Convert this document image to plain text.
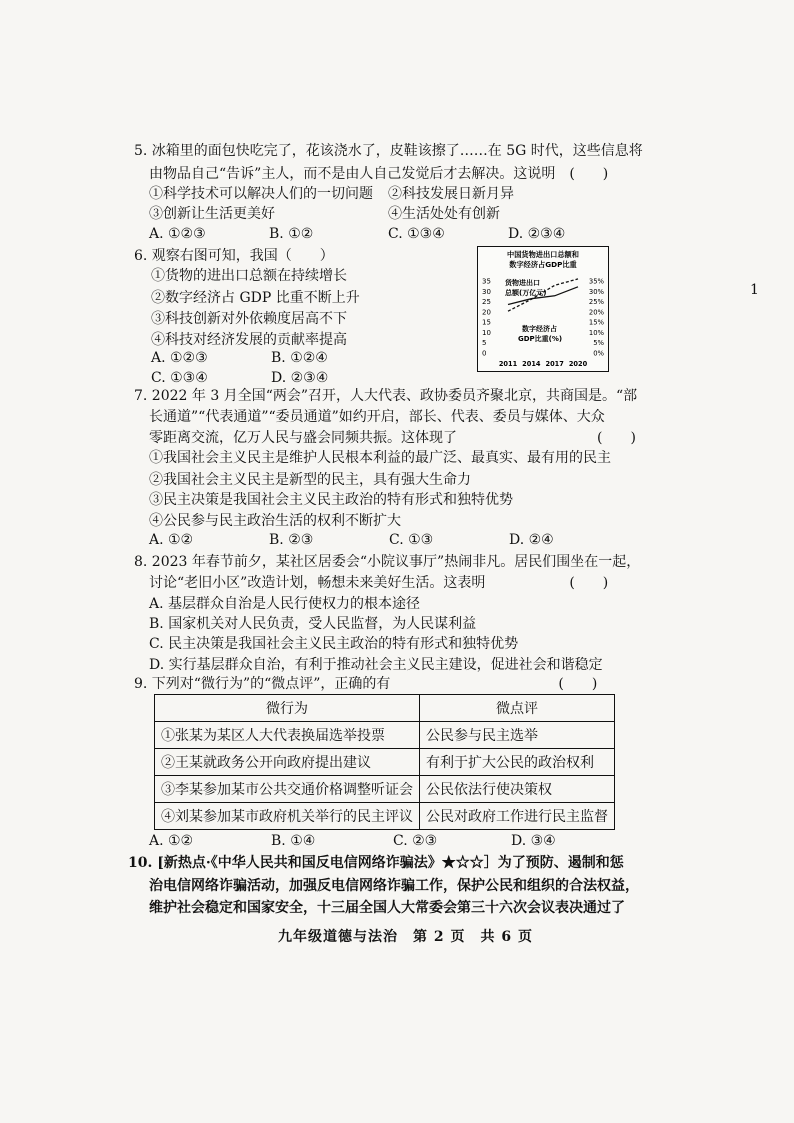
1
5. 冰箱里的面包快吃完了，花该浇水了，皮鞋该擦了……在 5G 时代，这些信息将
由物品自己“告诉”主人，而不是由人自己发觉后才去解决。这说明　(　　)
①科学技术可以解决人们的一切问题 ②科技发展日新月异
③创新让生活更美好	④生活处处有创新
A. ①②③	B. ①②	C. ①③④	D. ②③④
6. 观察右图可知，我国（　　）
①货物的进出口总额在持续增长
②数字经济占 GDP 比重不断上升
③科技创新对外依赖度居高不下
④科技对经济发展的贡献率提高
A. ①②③	B. ①②④
C. ①③④	D. ②③④
中国货物进出口总额和
数字经济占GDP比重
35
30
25
20
15
10
5
0
35%
30%
25%
20%
15%
10%
5%
0%
2011 2014 2017 2020
货物进出口
总额(万亿元)
数字经济占
GDP比重(%)
7. 2022 年 3 月全国“两会”召开，人大代表、政协委员齐聚北京，共商国是。“部
长通道”“代表通道”“委员通道”如约开启，部长、代表、委员与媒体、大众
零距离交流，亿万人民与盛会同频共振。这体现了　　　　　　　　　　(　　)
①我国社会主义民主是维护人民根本利益的最广泛、最真实、最有用的民主
②我国社会主义民主是新型的民主，具有强大生命力
③民主决策是我国社会主义民主政治的特有形式和独特优势
④公民参与民主政治生活的权利不断扩大
A. ①②	B. ②③	C. ①③	D. ②④
8. 2023 年春节前夕，某社区居委会“小院议事厅”热闹非凡。居民们围坐在一起，
讨论“老旧小区”改造计划，畅想未来美好生活。这表明　　　　　　(　　)
A. 基层群众自治是人民行使权力的根本途径
B. 国家机关对人民负责，受人民监督，为人民谋利益
C. 民主决策是我国社会主义民主政治的特有形式和独特优势
D. 实行基层群众自治，有利于推动社会主义民主建设，促进社会和谐稳定
9. 下列对“微行为”的“微点评”，正确的有　　　　　　　　　　　　(　　)
微行为	微点评
①张某为某区人大代表换届选举投票	公民参与民主选举
②王某就政务公开向政府提出建议	有利于扩大公民的政治权利
③李某参加某市公共交通价格调整听证会	公民依法行使决策权
④刘某参加某市政府机关举行的民主评议	公民对政府工作进行民主监督
A. ①②	B. ①④	C. ②③	D. ③④
10. [新热点·《中华人民共和国反电信网络诈骗法》★☆☆］为了预防、遏制和惩
治电信网络诈骗活动，加强反电信网络诈骗工作，保护公民和组织的合法权益，
维护社会稳定和国家安全，十三届全国人大常委会第三十六次会议表决通过了
九年级道德与法治　第 2 页　共 6 页
